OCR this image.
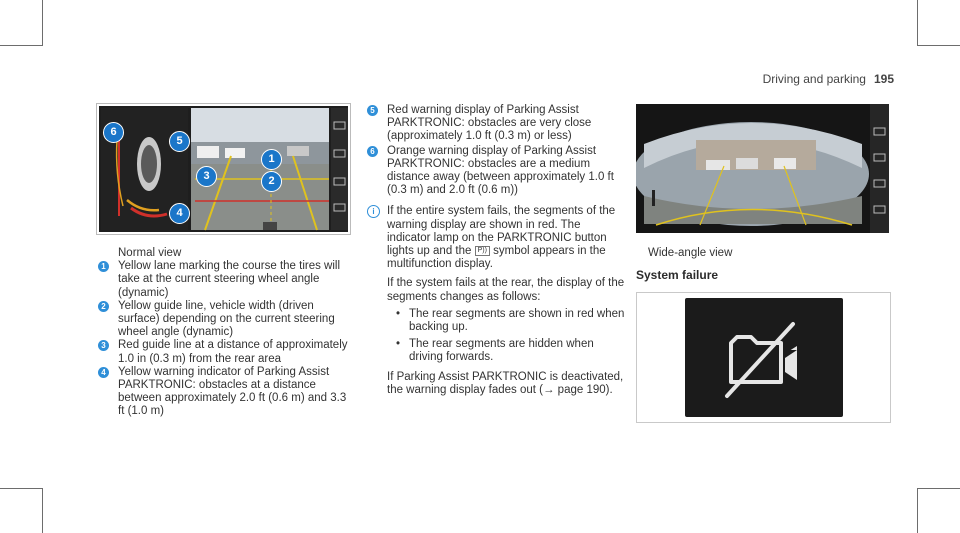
Driving and parking 195
6
5
4
3
1
2

Normal view

1 Yellow lane marking the course the tires will take at the current steering wheel angle (dynamic)
2 Yellow guide line, vehicle width (driven surface) depending on the current steering wheel angle (dynamic)
3 Red guide line at a distance of approximately 1.0 in (0.3 m) from the rear area
4 Yellow warning indicator of Parking Assist PARKTRONIC: obstacles at a distance between approximately 2.0 ft (0.6 m) and 3.3 ft (1.0 m)
5 Red warning display of Parking Assist PARKTRONIC: obstacles are very close (approximately 1.0 ft (0.3 m) or less)
6 Orange warning display of Parking Assist PARKTRONIC: obstacles are a medium distance away (between approximately 1.0 ft (0.3 m) and 2.0 ft (0.6 m))
i	If the entire system fails, the segments of the warning display are shown in red. The indicator lamp on the PARKTRONIC button lights up and the P)) symbol appears in the multifunction display.

If the system fails at the rear, the display of the segments changes as follows:

• The rear segments are shown in red when backing up.

• The rear segments are hidden when driving forwards.

If Parking Assist PARKTRONIC is deactivated, the warning display fades out (→ page 190).

Wide-angle view
System failure
